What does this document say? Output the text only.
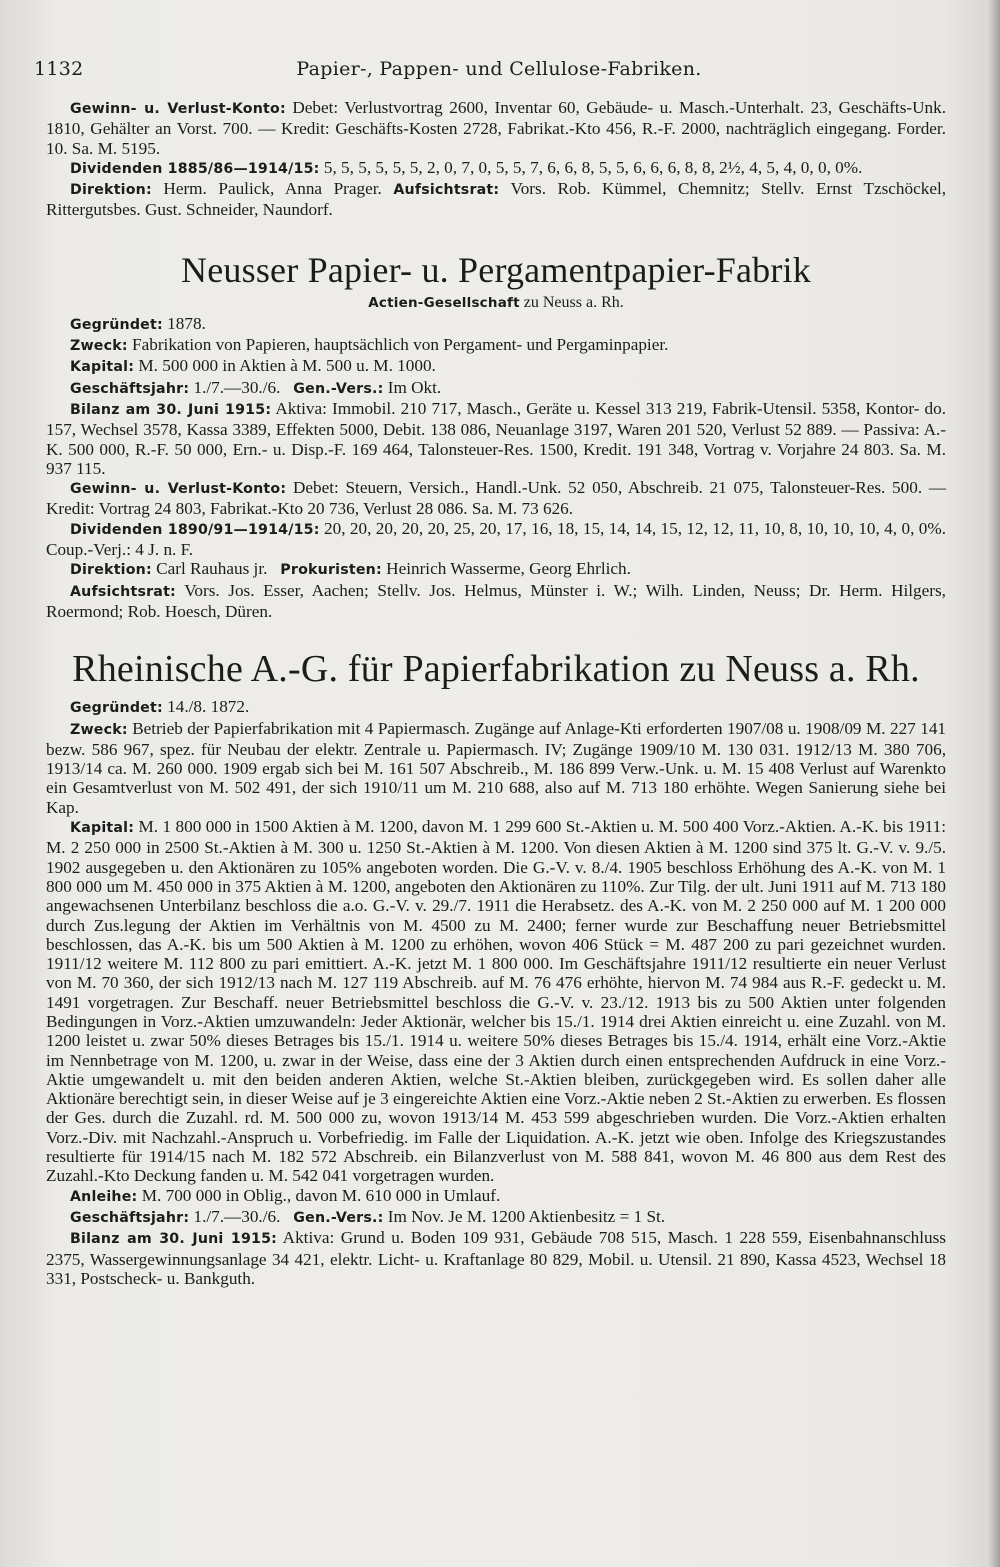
1132	Papier-, Pappen- und Cellulose-Fabriken.

Gewinn- u. Verlust-Konto: Debet: Verlustvortrag 2600, Inventar 60, Gebäude- u. Masch.-Unterhalt. 23, Geschäfts-Unk. 1810, Gehälter an Vorst. 700. — Kredit: Geschäfts-Kosten 2728, Fabrikat.-Kto 456, R.-F. 2000, nachträglich eingegang. Forder. 10. Sa. M. 5195.

Dividenden 1885/86—1914/15: 5, 5, 5, 5, 5, 5, 2, 0, 7, 0, 5, 5, 7, 6, 6, 8, 5, 5, 6, 6, 6, 8, 8, 2½, 4, 5, 4, 0, 0, 0%.

Direktion: Herm. Paulick, Anna Prager. Aufsichtsrat: Vors. Rob. Kümmel, Chemnitz; Stellv. Ernst Tzschöckel, Rittergutsbes. Gust. Schneider, Naundorf.

Neusser Papier- u. Pergamentpapier-Fabrik
Actien-Gesellschaft zu Neuss a. Rh.

Gegründet: 1878.

Zweck: Fabrikation von Papieren, hauptsächlich von Pergament- und Pergaminpapier.

Kapital: M. 500 000 in Aktien à M. 500 u. M. 1000.

Geschäftsjahr: 1./7.—30./6. Gen.-Vers.: Im Okt.

Bilanz am 30. Juni 1915: Aktiva: Immobil. 210 717, Masch., Geräte u. Kessel 313 219, Fabrik-Utensil. 5358, Kontor- do. 157, Wechsel 3578, Kassa 3389, Effekten 5000, Debit. 138 086, Neuanlage 3197, Waren 201 520, Verlust 52 889. — Passiva: A.-K. 500 000, R.-F. 50 000, Ern.- u. Disp.-F. 169 464, Talonsteuer-Res. 1500, Kredit. 191 348, Vortrag v. Vorjahre 24 803. Sa. M. 937 115.

Gewinn- u. Verlust-Konto: Debet: Steuern, Versich., Handl.-Unk. 52 050, Abschreib. 21 075, Talonsteuer-Res. 500. — Kredit: Vortrag 24 803, Fabrikat.-Kto 20 736, Verlust 28 086. Sa. M. 73 626.

Dividenden 1890/91—1914/15: 20, 20, 20, 20, 20, 25, 20, 17, 16, 18, 15, 14, 14, 15, 12, 12, 11, 10, 8, 10, 10, 10, 4, 0, 0%. Coup.-Verj.: 4 J. n. F.

Direktion: Carl Rauhaus jr. Prokuristen: Heinrich Wasserme, Georg Ehrlich.

Aufsichtsrat: Vors. Jos. Esser, Aachen; Stellv. Jos. Helmus, Münster i. W.; Wilh. Linden, Neuss; Dr. Herm. Hilgers, Roermond; Rob. Hoesch, Düren.

Rheinische A.-G. für Papierfabrikation zu Neuss a. Rh.

Gegründet: 14./8. 1872.

Zweck: Betrieb der Papierfabrikation mit 4 Papiermasch. Zugänge auf Anlage-Kti erforderten 1907/08 u. 1908/09 M. 227 141 bezw. 586 967, spez. für Neubau der elektr. Zentrale u. Papiermasch. IV; Zugänge 1909/10 M. 130 031. 1912/13 M. 380 706, 1913/14 ca. M. 260 000. 1909 ergab sich bei M. 161 507 Abschreib., M. 186 899 Verw.-Unk. u. M. 15 408 Verlust auf Warenkto ein Gesamtverlust von M. 502 491, der sich 1910/11 um M. 210 688, also auf M. 713 180 erhöhte. Wegen Sanierung siehe bei Kap.

Kapital: M. 1 800 000 in 1500 Aktien à M. 1200, davon M. 1 299 600 St.-Aktien u. M. 500 400 Vorz.-Aktien. A.-K. bis 1911: M. 2 250 000 in 2500 St.-Aktien à M. 300 u. 1250 St.-Aktien à M. 1200. Von diesen Aktien à M. 1200 sind 375 lt. G.-V. v. 9./5. 1902 ausgegeben u. den Aktionären zu 105% angeboten worden. Die G.-V. v. 8./4. 1905 beschloss Erhöhung des A.-K. von M. 1 800 000 um M. 450 000 in 375 Aktien à M. 1200, angeboten den Aktionären zu 110%. Zur Tilg. der ult. Juni 1911 auf M. 713 180 angewachsenen Unterbilanz beschloss die a.o. G.-V. v. 29./7. 1911 die Herabsetz. des A.-K. von M. 2 250 000 auf M. 1 200 000 durch Zus.legung der Aktien im Verhältnis von M. 4500 zu M. 2400; ferner wurde zur Beschaffung neuer Betriebsmittel beschlossen, das A.-K. bis um 500 Aktien à M. 1200 zu erhöhen, wovon 406 Stück = M. 487 200 zu pari gezeichnet wurden. 1911/12 weitere M. 112 800 zu pari emittiert. A.-K. jetzt M. 1 800 000. Im Geschäftsjahre 1911/12 resultierte ein neuer Verlust von M. 70 360, der sich 1912/13 nach M. 127 119 Abschreib. auf M. 76 476 erhöhte, hiervon M. 74 984 aus R.-F. gedeckt u. M. 1491 vorgetragen. Zur Beschaff. neuer Betriebsmittel beschloss die G.-V. v. 23./12. 1913 bis zu 500 Aktien unter folgenden Bedingungen in Vorz.-Aktien umzuwandeln: Jeder Aktionär, welcher bis 15./1. 1914 drei Aktien einreicht u. eine Zuzahl. von M. 1200 leistet u. zwar 50% dieses Betrages bis 15./1. 1914 u. weitere 50% dieses Betrages bis 15./4. 1914, erhält eine Vorz.-Aktie im Nennbetrage von M. 1200, u. zwar in der Weise, dass eine der 3 Aktien durch einen entsprechenden Aufdruck in eine Vorz.-Aktie umgewandelt u. mit den beiden anderen Aktien, welche St.-Aktien bleiben, zurückgegeben wird. Es sollen daher alle Aktionäre berechtigt sein, in dieser Weise auf je 3 eingereichte Aktien eine Vorz.-Aktie neben 2 St.-Aktien zu erwerben. Es flossen der Ges. durch die Zuzahl. rd. M. 500 000 zu, wovon 1913/14 M. 453 599 abgeschrieben wurden. Die Vorz.-Aktien erhalten Vorz.-Div. mit Nachzahl.-Anspruch u. Vorbefriedig. im Falle der Liquidation. A.-K. jetzt wie oben. Infolge des Kriegszustandes resultierte für 1914/15 nach M. 182 572 Abschreib. ein Bilanzverlust von M. 588 841, wovon M. 46 800 aus dem Rest des Zuzahl.-Kto Deckung fanden u. M. 542 041 vorgetragen wurden.

Anleihe: M. 700 000 in Oblig., davon M. 610 000 in Umlauf.

Geschäftsjahr: 1./7.—30./6. Gen.-Vers.: Im Nov. Je M. 1200 Aktienbesitz = 1 St.

Bilanz am 30. Juni 1915: Aktiva: Grund u. Boden 109 931, Gebäude 708 515, Masch. 1 228 559, Eisenbahnanschluss 2375, Wassergewinnungsanlage 34 421, elektr. Licht- u. Kraftanlage 80 829, Mobil. u. Utensil. 21 890, Kassa 4523, Wechsel 18 331, Postscheck- u. Bankguth.
